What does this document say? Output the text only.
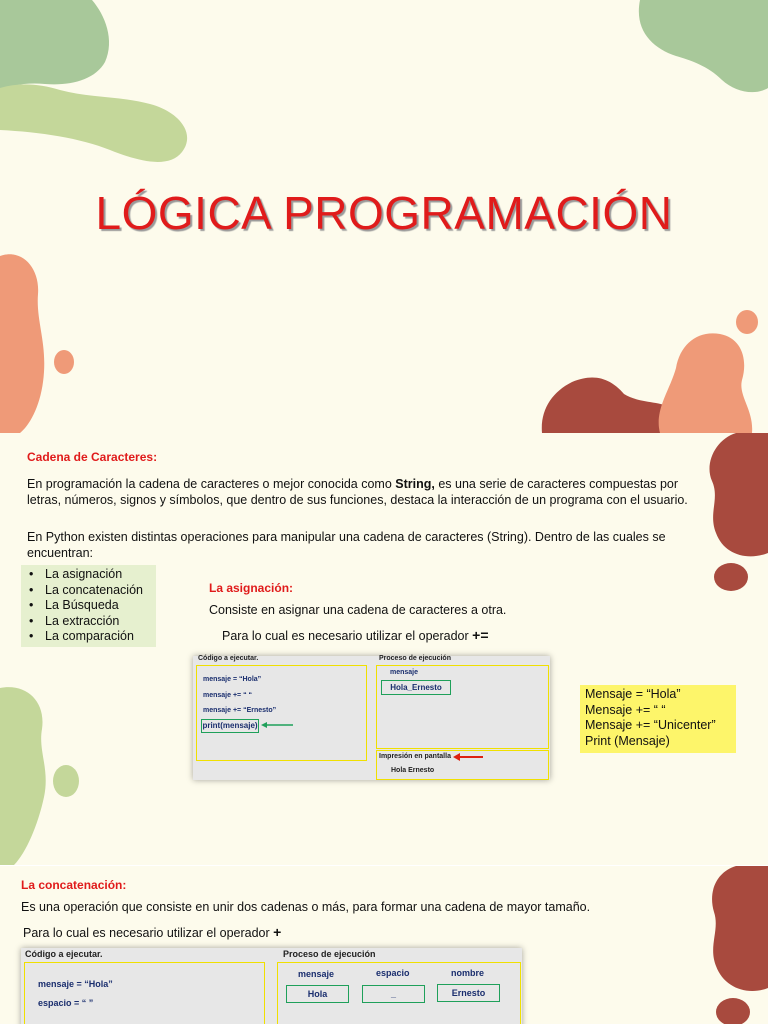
LÓGICA PROGRAMACIÓN
Cadena de Caracteres:
En programación la cadena de caracteres o mejor conocida como String, es una serie de caracteres compuestas por letras, números, signos y símbolos, que dentro de sus funciones, destaca la interacción de un programa con el usuario.
En Python existen distintas operaciones para manipular una cadena de caracteres (String). Dentro de las cuales se encuentran:
• La asignación
• La concatenación
• La Búsqueda
• La extracción
• La comparación
La asignación:
Consiste en asignar una cadena de caracteres a otra.
Para lo cual es necesario utilizar el operador +=
Código a ejecutar.	Proceso de ejecución
mensaje = “Hola”
mensaje += “ “
mensaje += “Ernesto”
print(mensaje)
mensaje
Hola_Ernesto
Impresión en pantalla
Hola Ernesto
Mensaje = “Hola”
Mensaje += “ “
Mensaje += “Unicenter”
Print (Mensaje)
La concatenación:
Es una operación que consiste en unir dos cadenas o más, para formar una cadena de mayor tamaño.
Para lo cual es necesario utilizar el operador +
Código a ejecutar.	Proceso de ejecución
mensaje = “Hola”
espacio = “ ”
mensaje
Hola
espacio
_
nombre
Ernesto
